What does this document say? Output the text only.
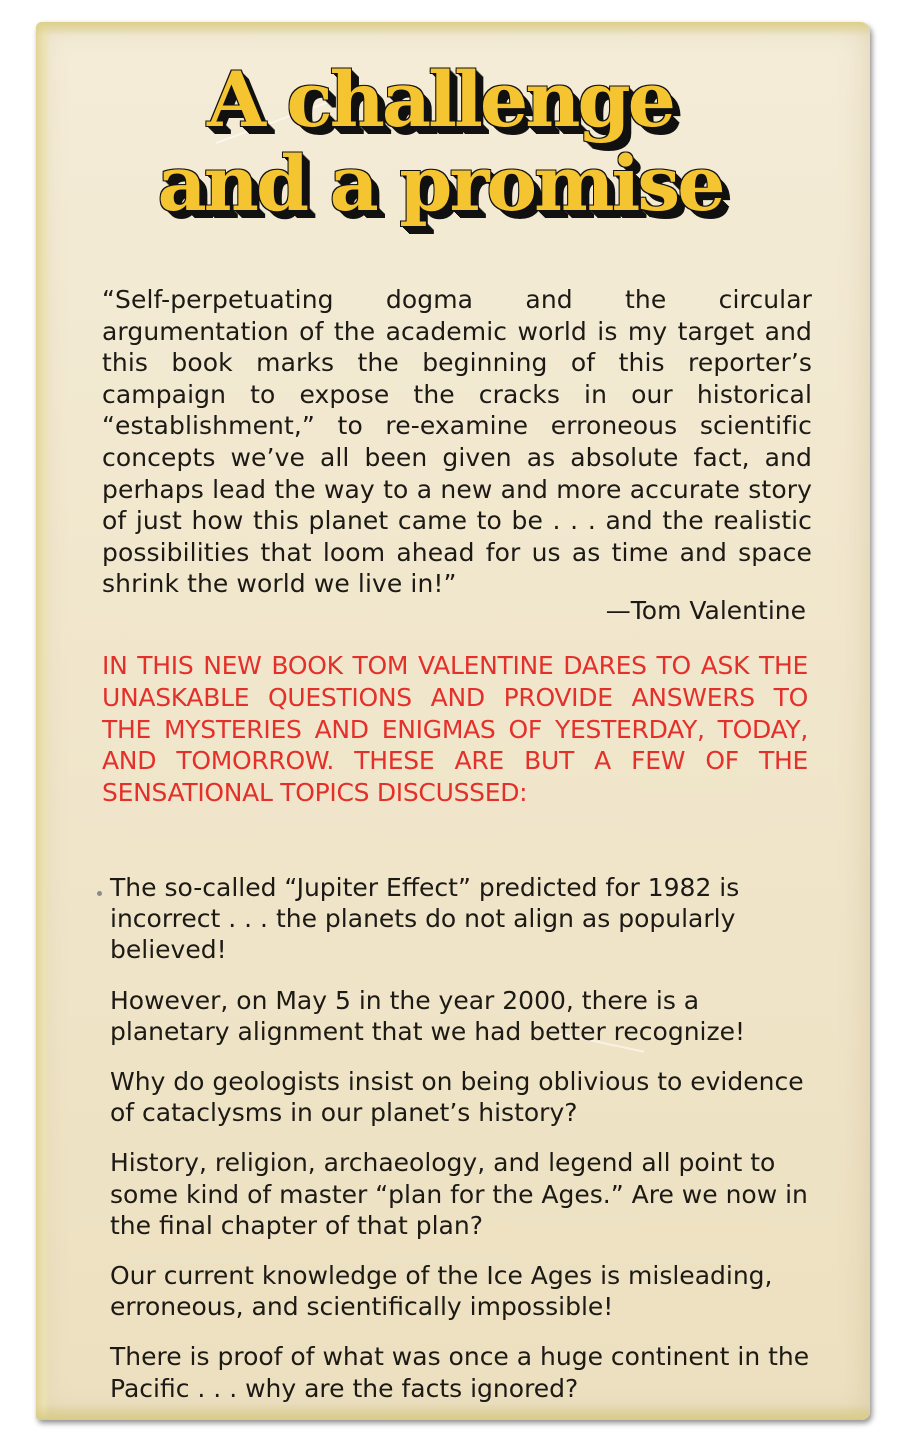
A challenge
and a promise

“Self-perpetuating dogma and the circular argumentation of the academic world is my target and this book marks the beginning of this reporter’s campaign to expose the cracks in our historical “establishment,” to re-examine erroneous scientific concepts we’ve all been given as absolute fact, and perhaps lead the way to a new and more accurate story of just how this planet came to be . . . and the realistic possibilities that loom ahead for us as time and space shrink the world we live in!”

—Tom Valentine

IN THIS NEW BOOK TOM VALENTINE DARES TO ASK THE UNASKABLE QUESTIONS AND PROVIDE ANSWERS TO THE MYSTERIES AND ENIGMAS OF YESTERDAY, TODAY, AND TOMORROW. THESE ARE BUT A FEW OF THE SENSATIONAL TOPICS DISCUSSED:

The so-called “Jupiter Effect” predicted for 1982 is incorrect . . . the planets do not align as popularly believed!
However, on May 5 in the year 2000, there is a planetary alignment that we had better recognize!
Why do geologists insist on being oblivious to evidence of cataclysms in our planet’s history?
History, religion, archaeology, and legend all point to some kind of master “plan for the Ages.” Are we now in the final chapter of that plan?
Our current knowledge of the Ice Ages is misleading, erroneous, and scientifically impossible!
There is proof of what was once a huge continent in the Pacific . . . why are the facts ignored?
